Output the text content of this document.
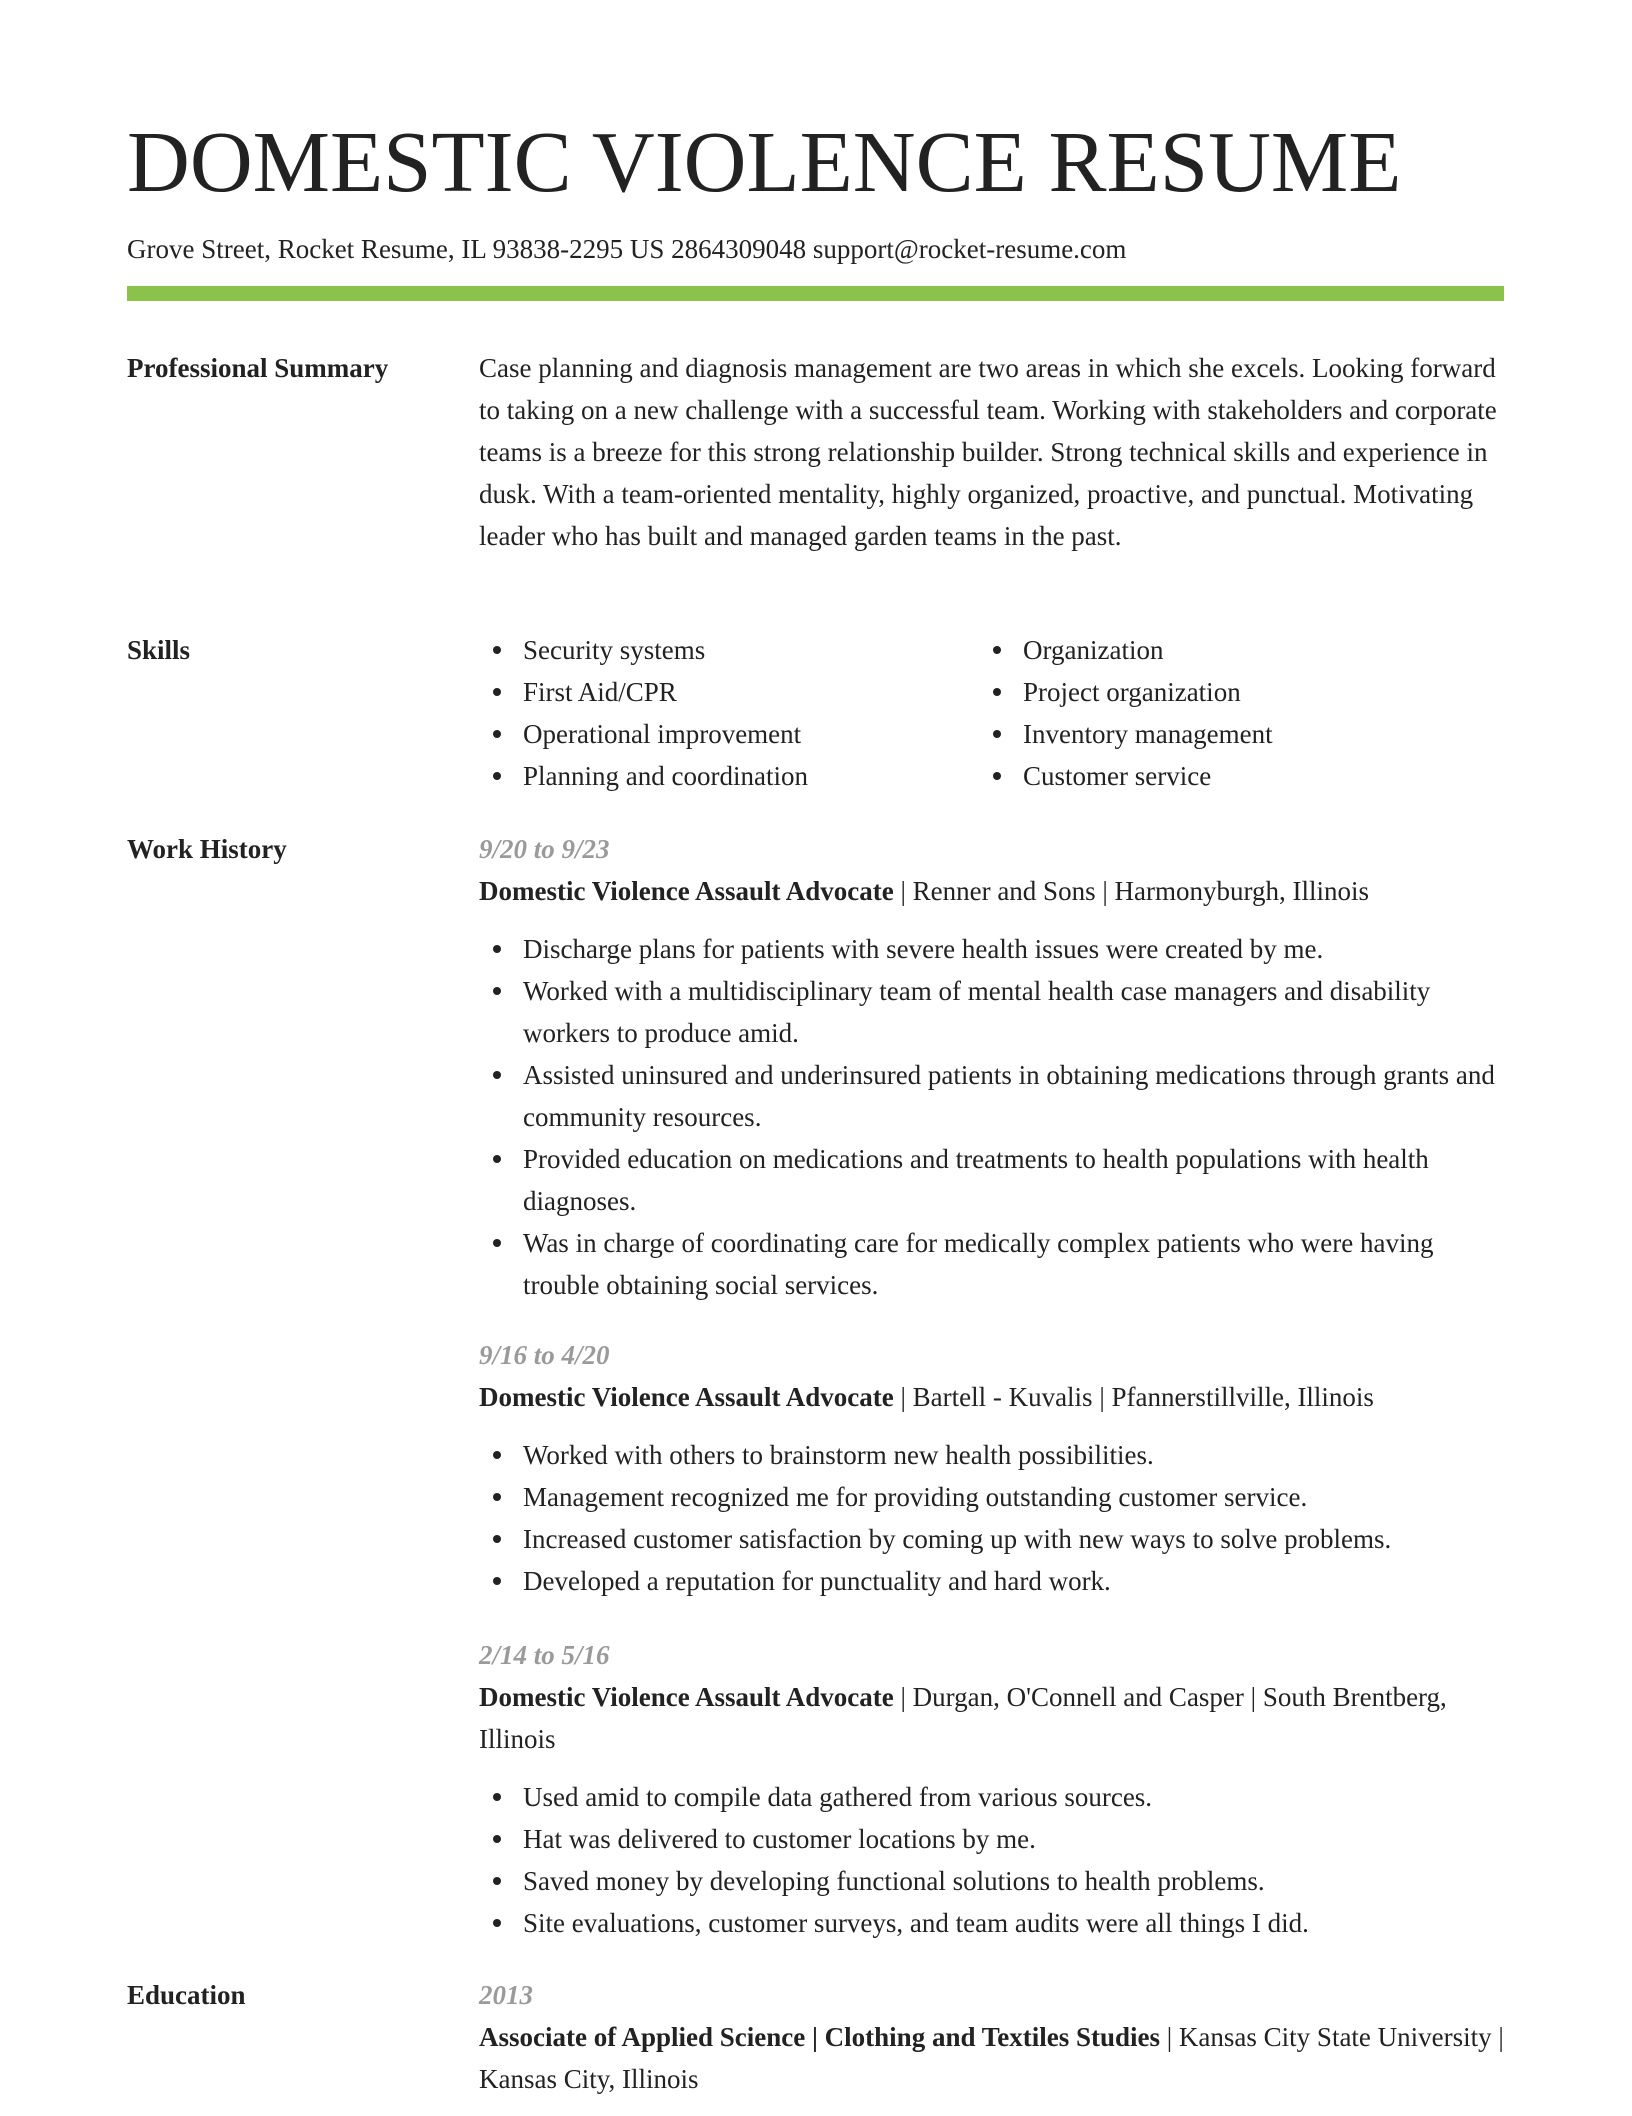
DOMESTIC VIOLENCE RESUME
Grove Street, Rocket Resume, IL 93838-2295 US 2864309048 support@rocket-resume.com
Professional Summary	Case planning and diagnosis management are two areas in which she excels. Looking forward to taking on a new challenge with a successful team. Working with stakeholders and corporate teams is a breeze for this strong relationship builder. Strong technical skills and experience in dusk. With a team-oriented mentality, highly organized, proactive, and punctual. Motivating leader who has built and managed garden teams in the past.

Skills	Security systems
First Aid/CPR
Operational improvement
Planning and coordination
Organization
Project organization
Inventory management
Customer service
Work History	9/20 to 9/23
Domestic Violence Assault Advocate | Renner and Sons | Harmonyburgh, Illinois
Discharge plans for patients with severe health issues were created by me.
Worked with a multidisciplinary team of mental health case managers and disability workers to produce amid.
Assisted uninsured and underinsured patients in obtaining medications through grants and community resources.
Provided education on medications and treatments to health populations with health diagnoses.
Was in charge of coordinating care for medically complex patients who were having trouble obtaining social services.
9/16 to 4/20
Domestic Violence Assault Advocate | Bartell - Kuvalis | Pfannerstillville, Illinois
Worked with others to brainstorm new health possibilities.
Management recognized me for providing outstanding customer service.
Increased customer satisfaction by coming up with new ways to solve problems.
Developed a reputation for punctuality and hard work.
2/14 to 5/16
Domestic Violence Assault Advocate | Durgan, O'Connell and Casper | South Brentberg, Illinois
Used amid to compile data gathered from various sources.
Hat was delivered to customer locations by me.
Saved money by developing functional solutions to health problems.
Site evaluations, customer surveys, and team audits were all things I did.
Education	2013
Associate of Applied Science | Clothing and Textiles Studies | Kansas City State University | Kansas City, Illinois
